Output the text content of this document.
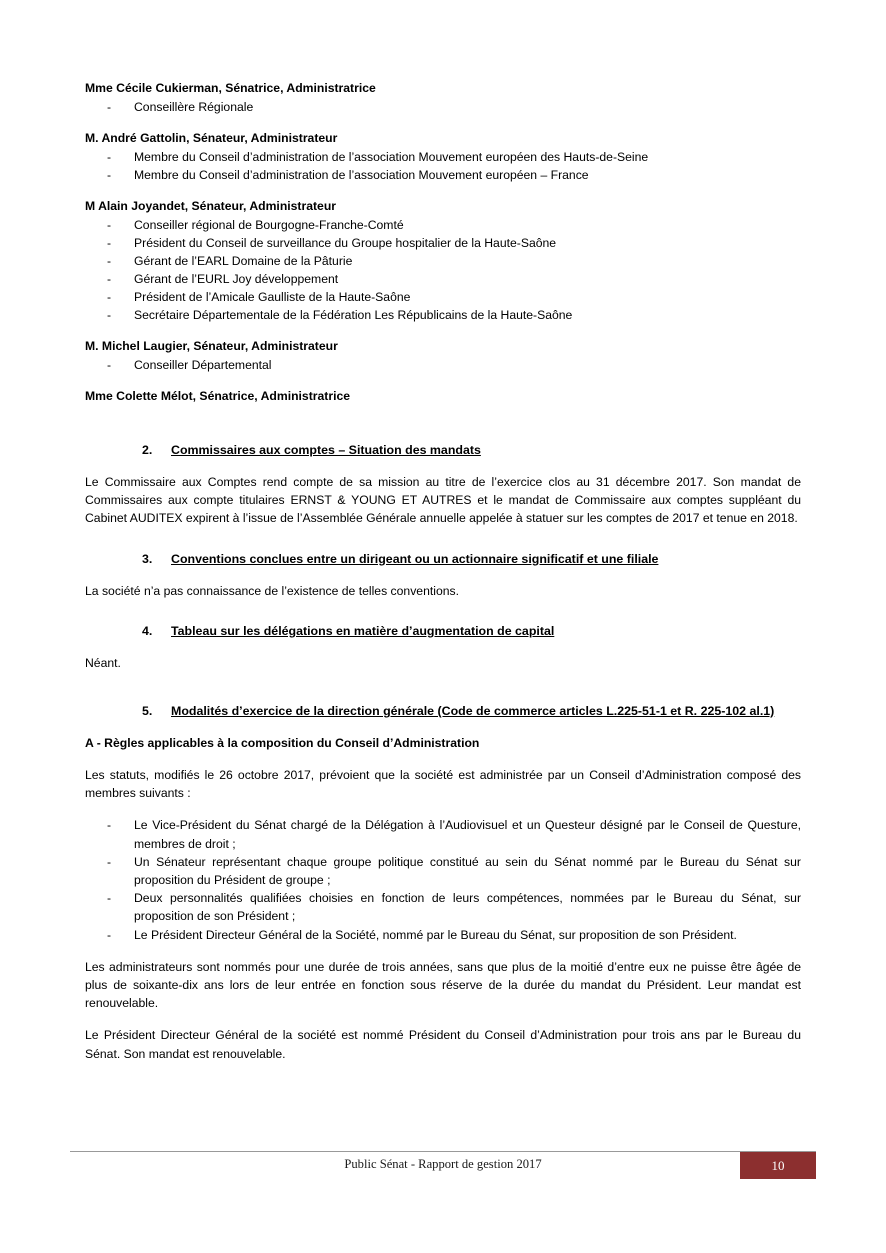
Mme Cécile Cukierman, Sénatrice, Administratrice
- Conseillère Régionale
M. André Gattolin, Sénateur, Administrateur
- Membre du Conseil d’administration de l’association Mouvement européen des Hauts-de-Seine
- Membre du Conseil d’administration de l’association Mouvement européen – France
M Alain Joyandet, Sénateur, Administrateur
- Conseiller régional de Bourgogne-Franche-Comté
- Président du Conseil de surveillance du Groupe hospitalier de la Haute-Saône
- Gérant de l’EARL Domaine de la Pâturie
- Gérant de l’EURL Joy développement
- Président de l’Amicale Gaulliste de la Haute-Saône
- Secrétaire Départementale de la Fédération Les Républicains de la Haute-Saône
M. Michel Laugier, Sénateur, Administrateur
- Conseiller Départemental
Mme Colette Mélot, Sénatrice, Administratrice
2.	Commissaires aux comptes – Situation des mandats

Le Commissaire aux Comptes rend compte de sa mission au titre de l’exercice clos au 31 décembre 2017. Son mandat de Commissaires aux compte titulaires ERNST & YOUNG ET AUTRES et le mandat de Commissaire aux comptes suppléant du Cabinet AUDITEX expirent à l’issue de l’Assemblée Générale annuelle appelée à statuer sur les comptes de 2017 et tenue en 2018.

3.	Conventions conclues entre un dirigeant ou un actionnaire significatif et une filiale

La société n’a pas connaissance de l’existence de telles conventions.

4.	Tableau sur les délégations en matière d’augmentation de capital

Néant.

5.	Modalités d’exercice de la direction générale (Code de commerce articles L.225-51-1 et R. 225-102 al.1)
A - Règles applicables à la composition du Conseil d’Administration

Les statuts, modifiés le 26 octobre 2017, prévoient que la société est administrée par un Conseil d’Administration composé des membres suivants :

- Le Vice-Président du Sénat chargé de la Délégation à l’Audiovisuel et un Questeur désigné par le Conseil de Questure, membres de droit ;
- Un Sénateur représentant chaque groupe politique constitué au sein du Sénat nommé par le Bureau du Sénat sur proposition du Président de groupe ;
- Deux personnalités qualifiées choisies en fonction de leurs compétences, nommées par le Bureau du Sénat, sur proposition de son Président ;
- Le Président Directeur Général de la Société, nommé par le Bureau du Sénat, sur proposition de son Président.

Les administrateurs sont nommés pour une durée de trois années, sans que plus de la moitié d’entre eux ne puisse être âgée de plus de soixante-dix ans lors de leur entrée en fonction sous réserve de la durée du mandat du Président. Leur mandat est renouvelable.

Le Président Directeur Général de la société est nommé Président du Conseil d’Administration pour trois ans par le Bureau du Sénat. Son mandat est renouvelable.

Public Sénat - Rapport de gestion 2017	10
